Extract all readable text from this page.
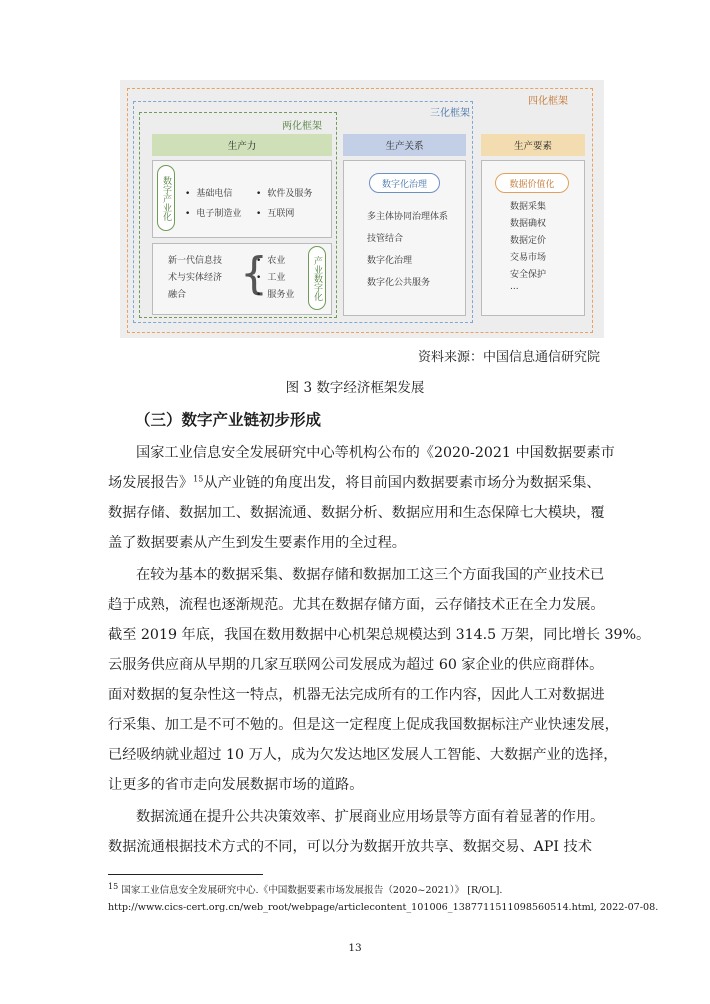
四化框架
三化框架
两化框架
生产力	生产关系	生产要素
数字产业化	• 基础电信	• 软件及服务
• 电子制造业	• 互联网
新一代信息技
术与实体经济
融合 { • 农业
• 工业
• 服务业	产业数字化
数字化治理
多主体协同治理体系
技管结合
数字化治理
数字化公共服务
数据价值化
数据采集
数据确权
数据定价
交易市场
安全保护
...
资料来源：中国信息通信研究院
图 3 数字经济框架发展
（三）数字产业链初步形成
国家工业信息安全发展研究中心等机构公布的《2020-2021 中国数据要素市
场发展报告》$^{15}$从产业链的角度出发，将目前国内数据要素市场分为数据采集、
数据存储、数据加工、数据流通、数据分析、数据应用和生态保障七大模块，覆
盖了数据要素从产生到发生要素作用的全过程。
在较为基本的数据采集、数据存储和数据加工这三个方面我国的产业技术已
趋于成熟，流程也逐渐规范。尤其在数据存储方面，云存储技术正在全力发展。
截至 2019 年底，我国在数用数据中心机架总规模达到 314.5 万架，同比增长 39%。
云服务供应商从早期的几家互联网公司发展成为超过 60 家企业的供应商群体。
面对数据的复杂性这一特点，机器无法完成所有的工作内容，因此人工对数据进
行采集、加工是不可不勉的。但是这一定程度上促成我国数据标注产业快速发展，
已经吸纳就业超过 10 万人，成为欠发达地区发展人工智能、大数据产业的选择，
让更多的省市走向发展数据市场的道路。
数据流通在提升公共决策效率、扩展商业应用场景等方面有着显著的作用。
数据流通根据技术方式的不同，可以分为数据开放共享、数据交易、API 技术
$^{15}$ 国家工业信息安全发展研究中心.《中国数据要素市场发展报告（2020~2021）》 [R/OL].
http://www.cics-cert.org.cn/web_root/webpage/articlecontent_101006_1387711511098560514.html, 2022-07-08.
13
